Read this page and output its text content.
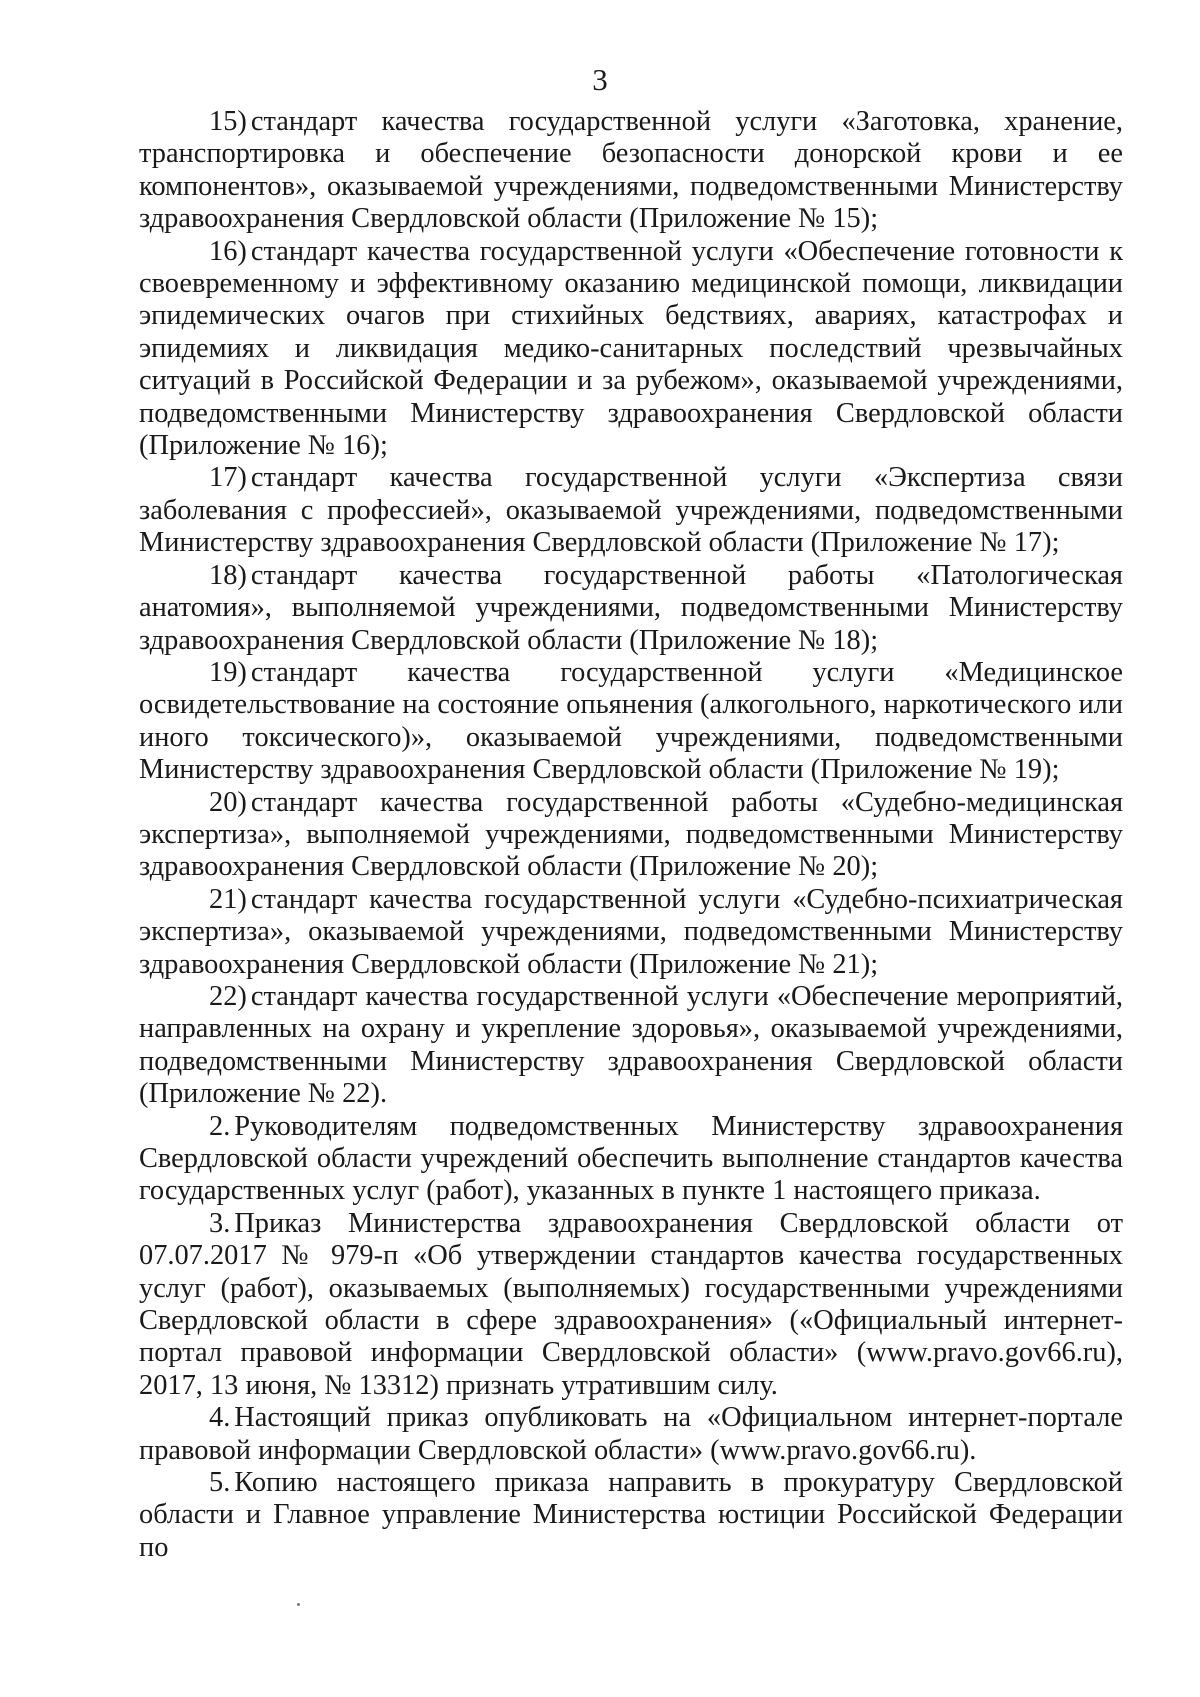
3

15) стандарт качества государственной услуги «Заготовка, хранение, транспортировка и обеспечение безопасности донорской крови и ее компонентов», оказываемой учреждениями, подведомственными Министерству здравоохранения Свердловской области (Приложение № 15);

16) стандарт качества государственной услуги «Обеспечение готовности к своевременному и эффективному оказанию медицинской помощи, ликвидации эпидемических очагов при стихийных бедствиях, авариях, катастрофах и эпидемиях и ликвидация медико-санитарных последствий чрезвычайных ситуаций в Российской Федерации и за рубежом», оказываемой учреждениями, подведомственными Министерству здравоохранения Свердловской области (Приложение № 16);

17) стандарт качества государственной услуги «Экспертиза связи заболевания с профессией», оказываемой учреждениями, подведомственными Министерству здравоохранения Свердловской области (Приложение № 17);

18) стандарт качества государственной работы «Патологическая анатомия», выполняемой учреждениями, подведомственными Министерству здравоохранения Свердловской области (Приложение № 18);

19) стандарт качества государственной услуги «Медицинское освидетельствование на состояние опьянения (алкогольного, наркотического или иного токсического)», оказываемой учреждениями, подведомственными Министерству здравоохранения Свердловской области (Приложение № 19);

20) стандарт качества государственной работы «Судебно-медицинская экспертиза», выполняемой учреждениями, подведомственными Министерству здравоохранения Свердловской области (Приложение № 20);

21) стандарт качества государственной услуги «Судебно-психиатрическая экспертиза», оказываемой учреждениями, подведомственными Министерству здравоохранения Свердловской области (Приложение № 21);

22) стандарт качества государственной услуги «Обеспечение мероприятий, направленных на охрану и укрепление здоровья», оказываемой учреждениями, подведомственными Министерству здравоохранения Свердловской области (Приложение № 22).

2. Руководителям подведомственных Министерству здравоохранения Свердловской области учреждений обеспечить выполнение стандартов качества государственных услуг (работ), указанных в пункте 1 настоящего приказа.

3. Приказ Министерства здравоохранения Свердловской области от 07.07.2017 № 979-п «Об утверждении стандартов качества государственных услуг (работ), оказываемых (выполняемых) государственными учреждениями Свердловской области в сфере здравоохранения» («Официальный интернет-портал правовой информации Свердловской области» (www.pravo.gov66.ru), 2017, 13 июня, № 13312) признать утратившим силу.

4. Настоящий приказ опубликовать на «Официальном интернет-портале правовой информации Свердловской области» (www.pravo.gov66.ru).

5. Копию настоящего приказа направить в прокуратуру Свердловской области и Главное управление Министерства юстиции Российской Федерации по
